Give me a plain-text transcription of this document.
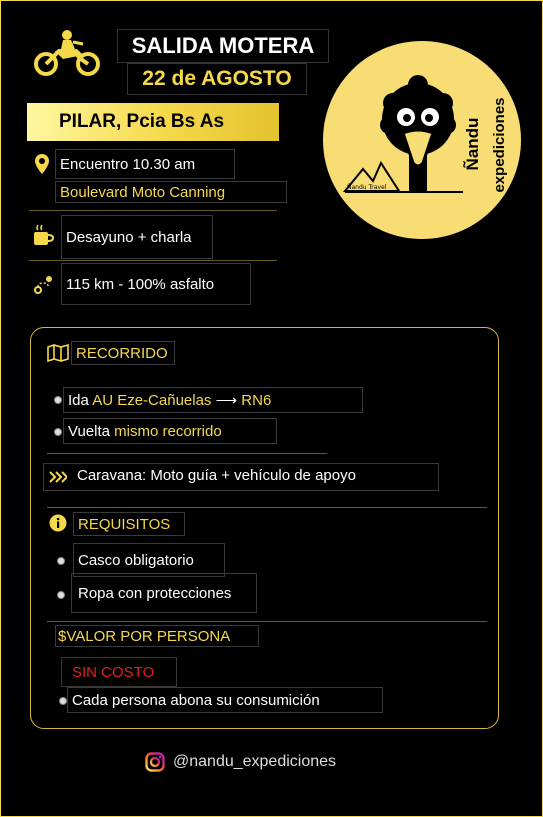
SALIDA MOTERA
22 de AGOSTO
PILAR, Pcia Bs As
Ñandu Travel
Ñandu expediciones
Encuentro 10.30 am
Boulevard Moto Canning
Desayuno + charla
115 km - 100% asfalto
RECORRIDO
Ida AU Eze-Cañuelas ⟶ RN6
Vuelta mismo recorrido
Caravana: Moto guía + vehículo de apoyo
REQUISITOS
Casco obligatorio
Ropa con protecciones
$VALOR POR PERSONA
SIN COSTO
Cada persona abona su consumición
@nandu_expediciones
